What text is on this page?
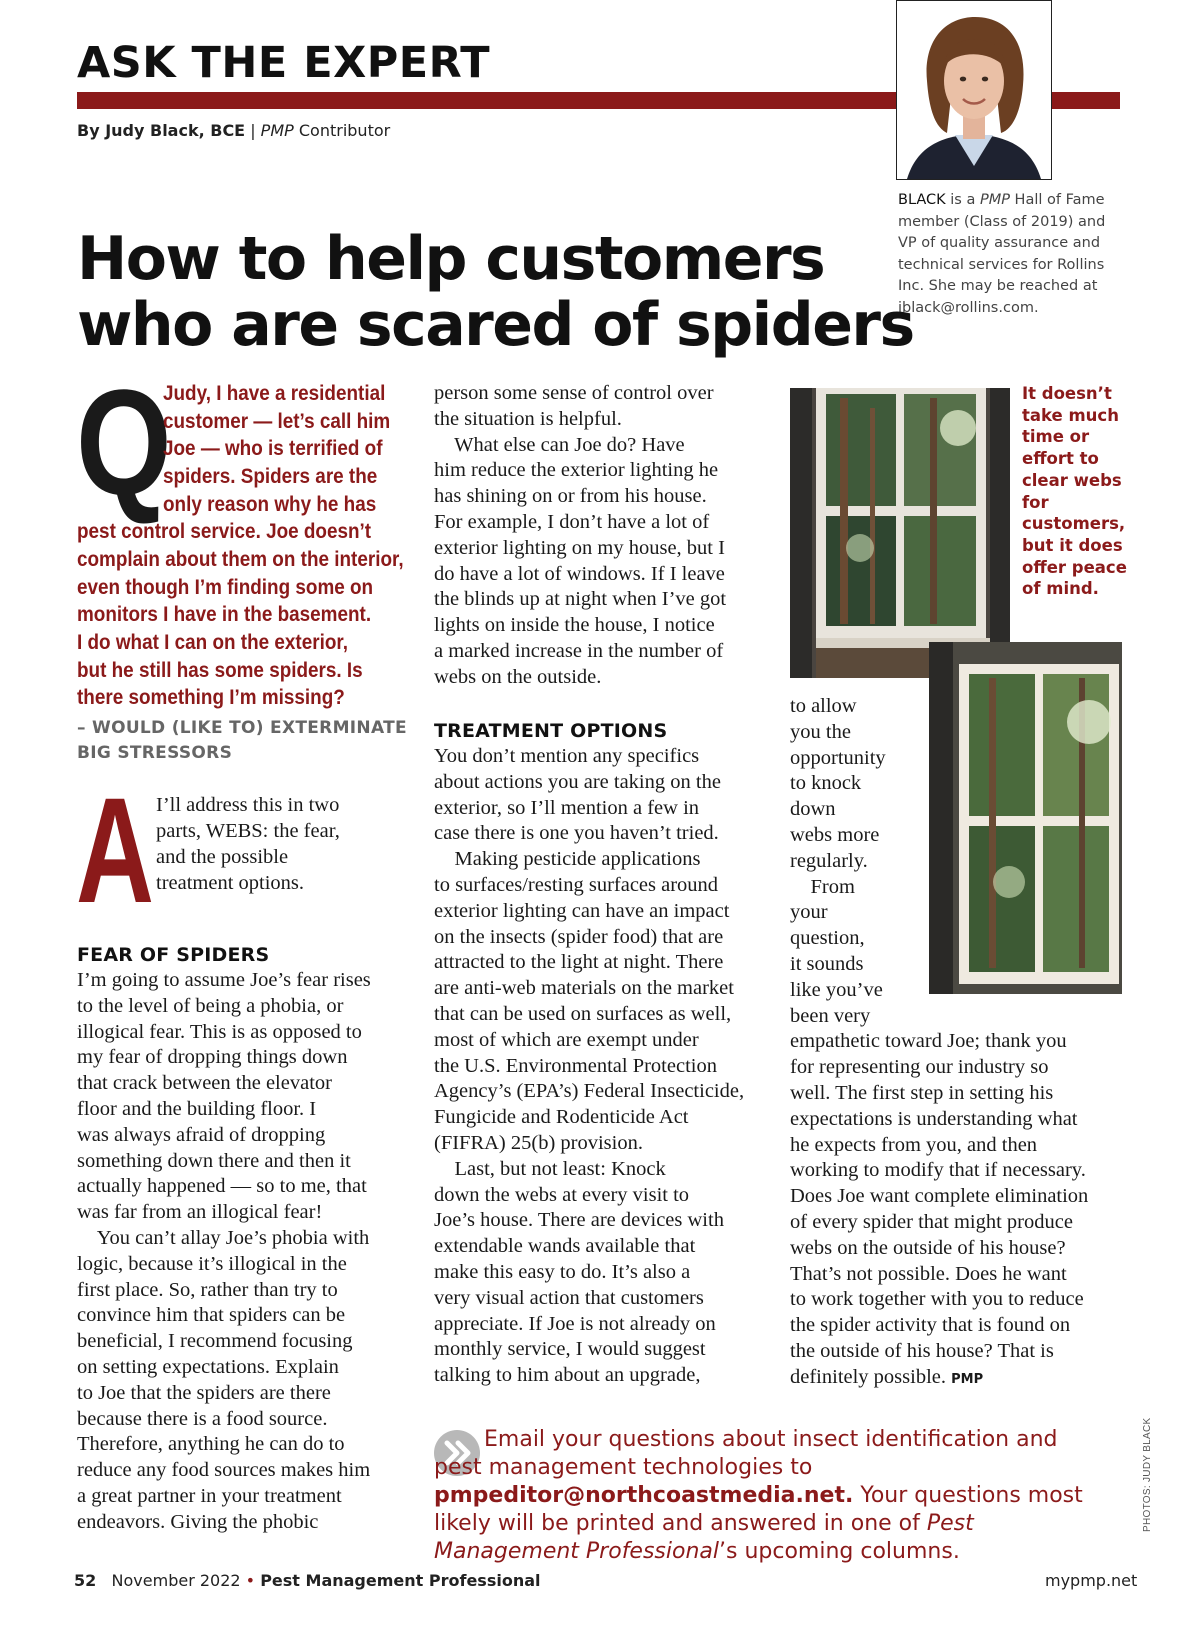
ASK THE EXPERT
By Judy Black, BCE | PMP Contributor
BLACK is a PMP Hall of Fame member (Class of 2019) and VP of quality assurance and technical services for Rollins Inc. She may be reached at jblack@rollins.com.
How to help customers
who are scared of spiders
Q
Judy, I have a residential
customer — let’s call him
Joe — who is terrified of
spiders. Spiders are the
only reason why he has
pest control service. Joe doesn’t
complain about them on the interior,
even though I’m finding some on
monitors I have in the basement.
I do what I can on the exterior,
but he still has some spiders. Is
there something I’m missing?
– WOULD (LIKE TO) EXTERMINATE
BIG STRESSORS
A I’ll address this in two
parts, WEBS: the fear,
and the possible
treatment options.
FEAR OF SPIDERS
I’m going to assume Joe’s fear rises
to the level of being a phobia, or
illogical fear. This is as opposed to
my fear of dropping things down
that crack between the elevator
floor and the building floor. I
was always afraid of dropping
something down there and then it
actually happened — so to me, that
was far from an illogical fear!
You can’t allay Joe’s phobia with
logic, because it’s illogical in the
first place. So, rather than try to
convince him that spiders can be
beneficial, I recommend focusing
on setting expectations. Explain
to Joe that the spiders are there
because there is a food source.
Therefore, anything he can do to
reduce any food sources makes him
a great partner in your treatment
endeavors. Giving the phobic
person some sense of control over
the situation is helpful.
What else can Joe do? Have
him reduce the exterior lighting he
has shining on or from his house.
For example, I don’t have a lot of
exterior lighting on my house, but I
do have a lot of windows. If I leave
the blinds up at night when I’ve got
lights on inside the house, I notice
a marked increase in the number of
webs on the outside.
TREATMENT OPTIONS
You don’t mention any specifics
about actions you are taking on the
exterior, so I’ll mention a few in
case there is one you haven’t tried.
Making pesticide applications
to surfaces/resting surfaces around
exterior lighting can have an impact
on the insects (spider food) that are
attracted to the light at night. There
are anti-web materials on the market
that can be used on surfaces as well,
most of which are exempt under
the U.S. Environmental Protection
Agency’s (EPA’s) Federal Insecticide,
Fungicide and Rodenticide Act
(FIFRA) 25(b) provision.
Last, but not least: Knock
down the webs at every visit to
Joe’s house. There are devices with
extendable wands available that
make this easy to do. It’s also a
very visual action that customers
appreciate. If Joe is not already on
monthly service, I would suggest
talking to him about an upgrade,
It doesn’t take much time or effort to clear webs for customers, but it does offer peace of mind.
to allow
you the
opportunity
to knock
down
webs more
regularly.
From
your
question,
it sounds
like you’ve
been very
empathetic toward Joe; thank you
for representing our industry so
well. The first step in setting his
expectations is understanding what
he expects from you, and then
working to modify that if necessary.
Does Joe want complete elimination
of every spider that might produce
webs on the outside of his house?
That’s not possible. Does he want
to work together with you to reduce
the spider activity that is found on
the outside of his house? That is
definitely possible. PMP
Email your questions about insect identification and pest management technologies to pmpeditor@northcoastmedia.net. Your questions most likely will be printed and answered in one of Pest Management Professional’s upcoming columns.
PHOTOS: JUDY BLACK
52 November 2022 • Pest Management Professional	mypmp.net
